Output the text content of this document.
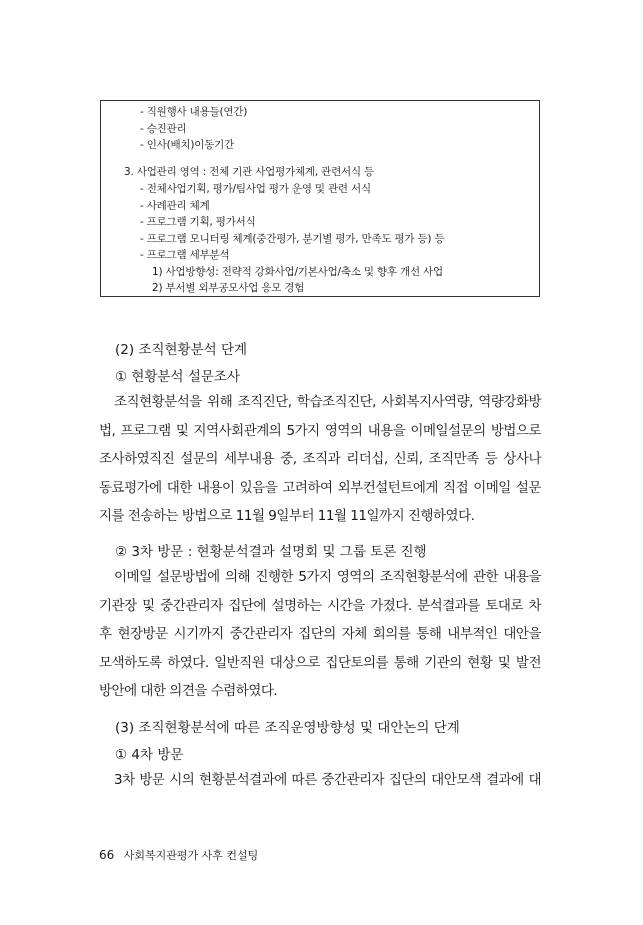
- 직원행사 내용들(연간)
- 승진관리
- 인사(배치)이동기간
3. 사업관리 영역 : 전체 기관 사업평가체계, 관련서식 등
- 전체사업기획, 평가/팀사업 평가 운영 및 관련 서식
- 사례관리 체계
- 프로그램 기획, 평가서식
- 프로그램 모니터링 체계(중간평가, 분기별 평가, 만족도 평가 등) 등
- 프로그램 세부분석
1) 사업방향성: 전략적 강화사업/기본사업/축소 및 향후 개선 사업
2) 부서별 외부공모사업 응모 경험
(2) 조직현황분석 단계
① 현황분석 설문조사
조직현황분석을 위해 조직진단, 학습조직진단, 사회복지사역량, 역량강화방
법, 프로그램 및 지역사회관계의 5가지 영역의 내용을 이메일설문의 방법으로
조사하였직진 설문의 세부내용 중, 조직과 리더십, 신뢰, 조직만족 등 상사나
동료평가에 대한 내용이 있음을 고려하여 외부컨설턴트에게 직접 이메일 설문
지를 전송하는 방법으로 11월 9일부터 11월 11일까지 진행하였다.
② 3차 방문 : 현황분석결과 설명회 및 그룹 토론 진행
이메일 설문방법에 의해 진행한 5가지 영역의 조직현황분석에 관한 내용을
기관장 및 중간관리자 집단에 설명하는 시간을 가졌다. 분석결과를 토대로 차
후 현장방문 시기까지 중간관리자 집단의 자체 회의를 통해 내부적인 대안을
모색하도록 하였다. 일반직원 대상으로 집단토의를 통해 기관의 현황 및 발전
방안에 대한 의견을 수렴하였다.
(3) 조직현황분석에 따른 조직운영방향성 및 대안논의 단계
① 4차 방문
3차 방문 시의 현황분석결과에 따른 중간관리자 집단의 대안모색 결과에 대
66 사회복지관평가 사후 컨설팅
